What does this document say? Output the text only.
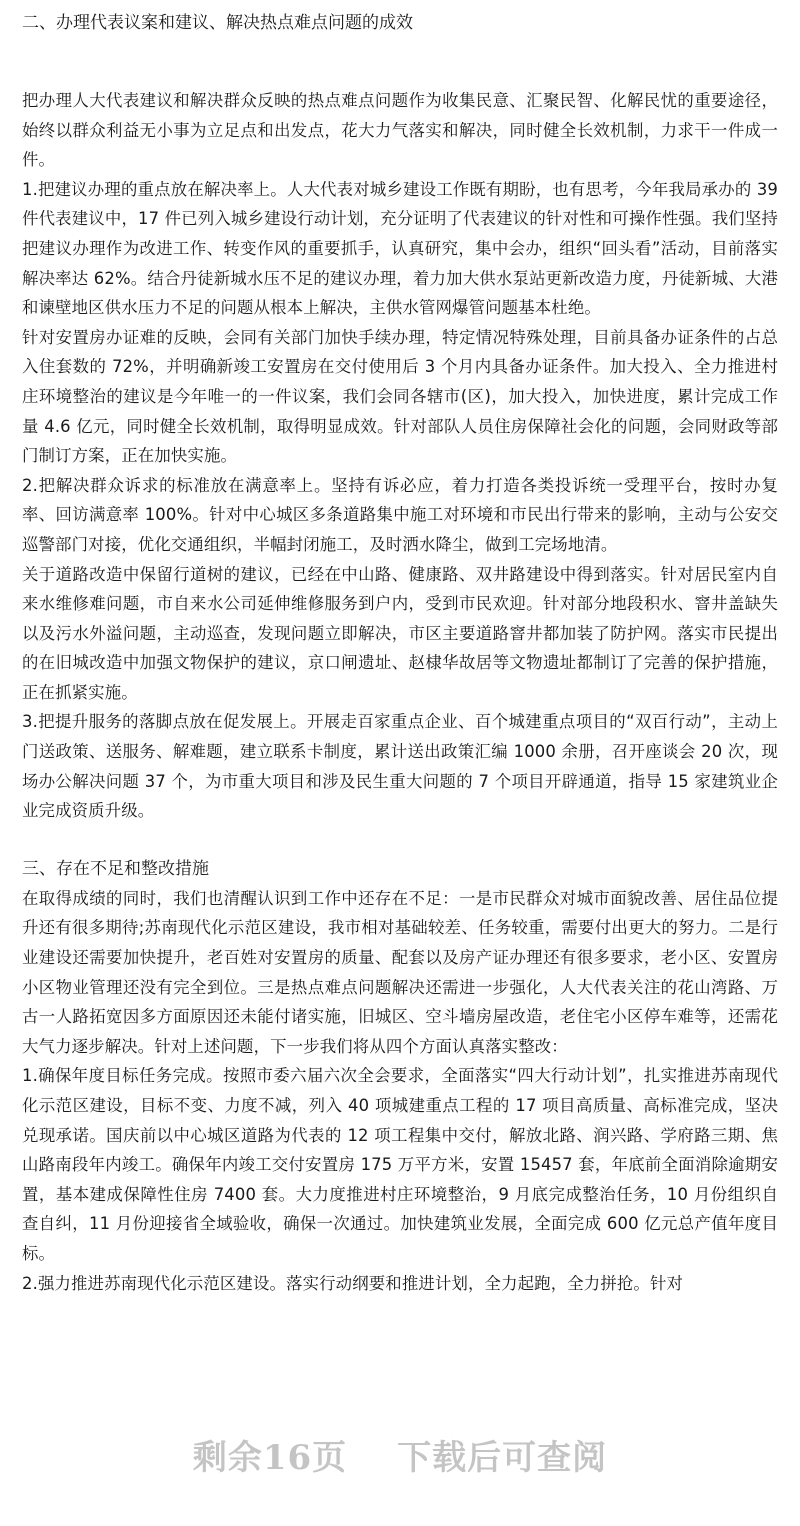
二、办理代表议案和建议、解决热点难点问题的成效

把办理人大代表建议和解决群众反映的热点难点问题作为收集民意、汇聚民智、化解民忧的重要途径，始终以群众利益无小事为立足点和出发点，花大力气落实和解决，同时健全长效机制，力求干一件成一件。

1.把建议办理的重点放在解决率上。人大代表对城乡建设工作既有期盼，也有思考，今年我局承办的 39 件代表建议中，17 件已列入城乡建设行动计划，充分证明了代表建议的针对性和可操作性强。我们坚持把建议办理作为改进工作、转变作风的重要抓手，认真研究，集中会办，组织“回头看”活动，目前落实解决率达 62%。结合丹徒新城水压不足的建议办理，着力加大供水泵站更新改造力度，丹徒新城、大港和谏壁地区供水压力不足的问题从根本上解决，主供水管网爆管问题基本杜绝。

针对安置房办证难的反映，会同有关部门加快手续办理，特定情况特殊处理，目前具备办证条件的占总入住套数的 72%，并明确新竣工安置房在交付使用后 3 个月内具备办证条件。加大投入、全力推进村庄环境整治的建议是今年唯一的一件议案，我们会同各辖市(区)，加大投入，加快进度，累计完成工作量 4.6 亿元，同时健全长效机制，取得明显成效。针对部队人员住房保障社会化的问题，会同财政等部门制订方案，正在加快实施。

2.把解决群众诉求的标准放在满意率上。坚持有诉必应，着力打造各类投诉统一受理平台，按时办复率、回访满意率 100%。针对中心城区多条道路集中施工对环境和市民出行带来的影响，主动与公安交巡警部门对接，优化交通组织，半幅封闭施工，及时洒水降尘，做到工完场地清。

关于道路改造中保留行道树的建议，已经在中山路、健康路、双井路建设中得到落实。针对居民室内自来水维修难问题，市自来水公司延伸维修服务到户内，受到市民欢迎。针对部分地段积水、窨井盖缺失以及污水外溢问题，主动巡查，发现问题立即解决，市区主要道路窨井都加装了防护网。落实市民提出的在旧城改造中加强文物保护的建议，京口闸遗址、赵棣华故居等文物遗址都制订了完善的保护措施，正在抓紧实施。

3.把提升服务的落脚点放在促发展上。开展走百家重点企业、百个城建重点项目的“双百行动”，主动上门送政策、送服务、解难题，建立联系卡制度，累计送出政策汇编 1000 余册，召开座谈会 20 次，现场办公解决问题 37 个，为市重大项目和涉及民生重大问题的 7 个项目开辟通道，指导 15 家建筑业企业完成资质升级。

三、存在不足和整改措施

在取得成绩的同时，我们也清醒认识到工作中还存在不足：一是市民群众对城市面貌改善、居住品位提升还有很多期待;苏南现代化示范区建设，我市相对基础较差、任务较重，需要付出更大的努力。二是行业建设还需要加快提升，老百姓对安置房的质量、配套以及房产证办理还有很多要求，老小区、安置房小区物业管理还没有完全到位。三是热点难点问题解决还需进一步强化，人大代表关注的花山湾路、万古一人路拓宽因多方面原因还未能付诸实施，旧城区、空斗墙房屋改造，老住宅小区停车难等，还需花大气力逐步解决。针对上述问题，下一步我们将从四个方面认真落实整改：

1.确保年度目标任务完成。按照市委六届六次全会要求，全面落实“四大行动计划”，扎实推进苏南现代化示范区建设，目标不变、力度不减，列入 40 项城建重点工程的 17 项目高质量、高标准完成，坚决兑现承诺。国庆前以中心城区道路为代表的 12 项工程集中交付，解放北路、润兴路、学府路三期、焦山路南段年内竣工。确保年内竣工交付安置房 175 万平方米，安置 15457 套，年底前全面消除逾期安置，基本建成保障性住房 7400 套。大力度推进村庄环境整治，9 月底完成整治任务，10 月份组织自查自纠，11 月份迎接省全域验收，确保一次通过。加快建筑业发展，全面完成 600 亿元总产值年度目标。

2.强力推进苏南现代化示范区建设。落实行动纲要和推进计划，全力起跑，全力拼抢。针对

剩余16页 下载后可查阅
